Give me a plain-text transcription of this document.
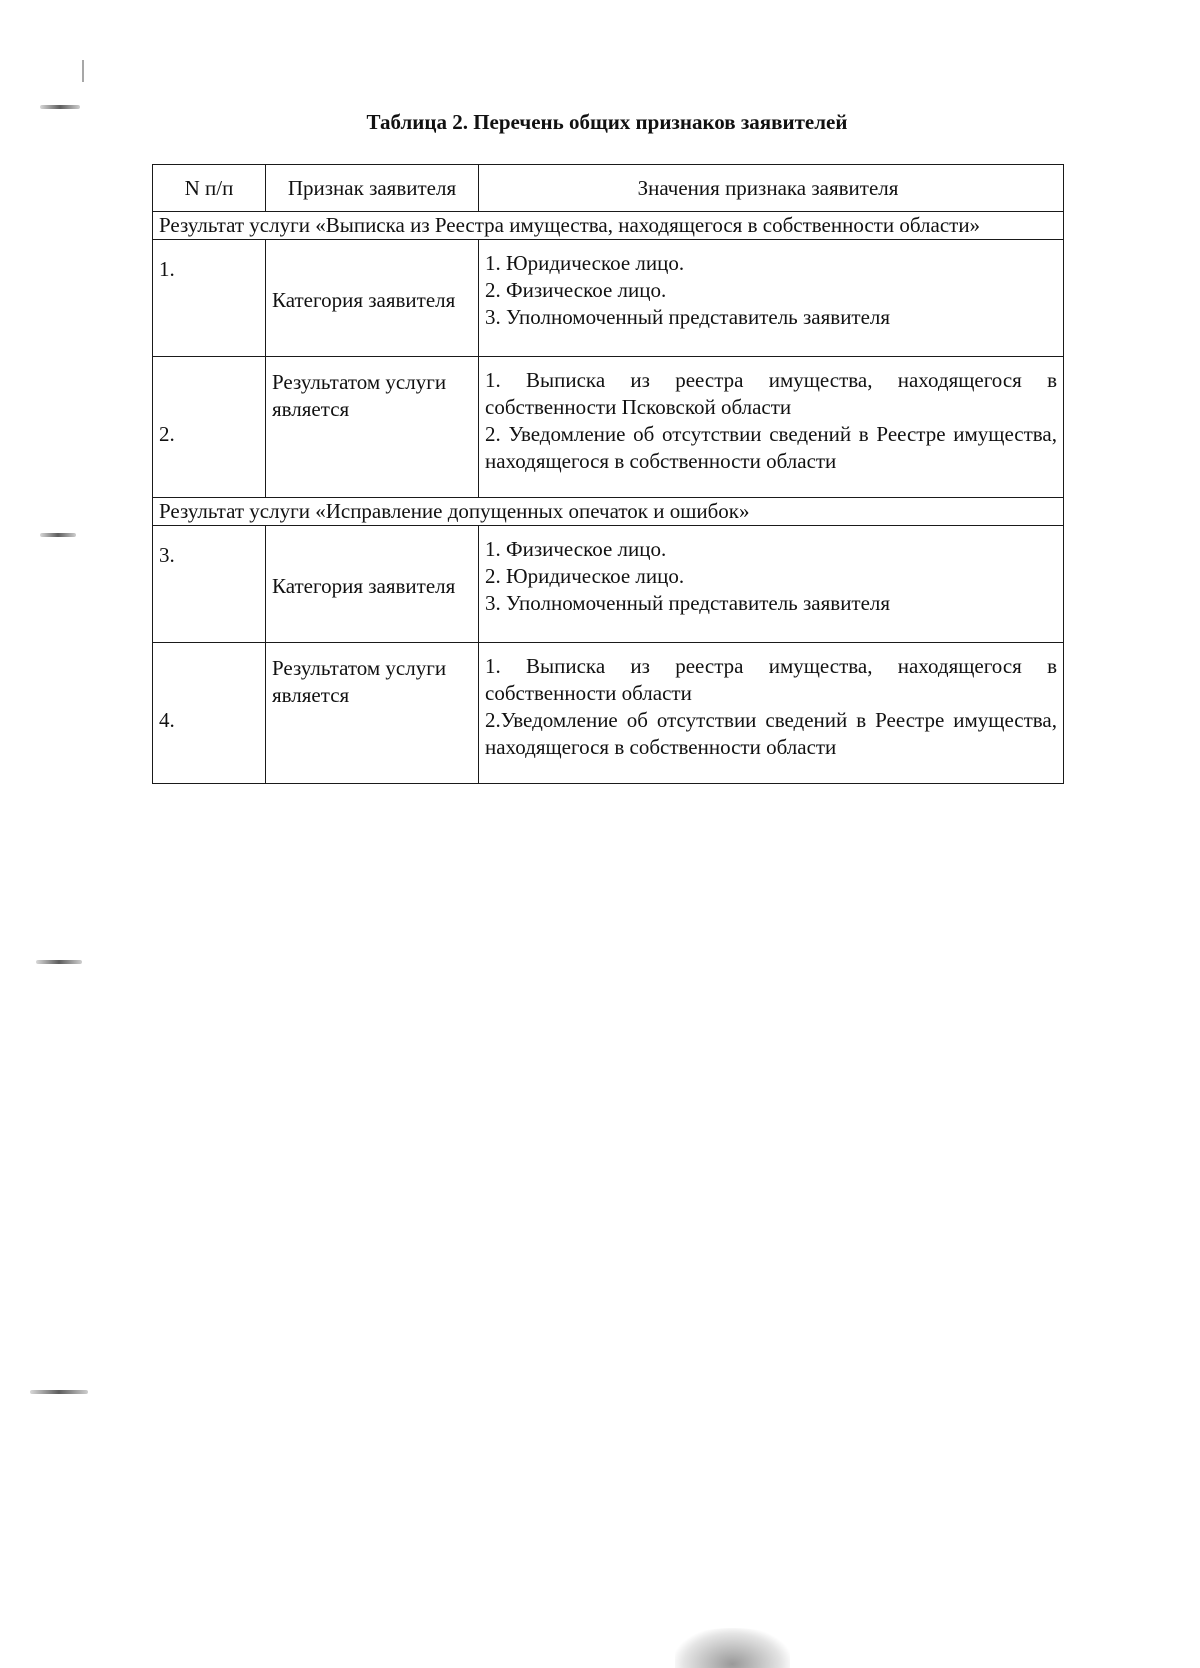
Таблица 2. Перечень общих признаков заявителей
N п/п	Признак заявителя	Значения признака заявителя
Результат услуги «Выписка из Реестра имущества, находящегося в собственности области»		
1.	Категория заявителя	1. Юридическое лицо.
2. Физическое лицо.
3. Уполномоченный представитель заявителя

2.	Результатом услуги является	1. Выписка из реестра имущества, находящегося в собственности Псковской области
2. Уведомление об отсутствии сведений в Реестре имущества, находящегося в собственности области

Результат услуги «Исправление допущенных опечаток и ошибок»		
3.	Категория заявителя	1. Физическое лицо.
2. Юридическое лицо.
3. Уполномоченный представитель заявителя

4.	Результатом услуги является	1. Выписка из реестра имущества, находящегося в собственности области
2.Уведомление об отсутствии сведений в Реестре имущества, находящегося в собственности области
